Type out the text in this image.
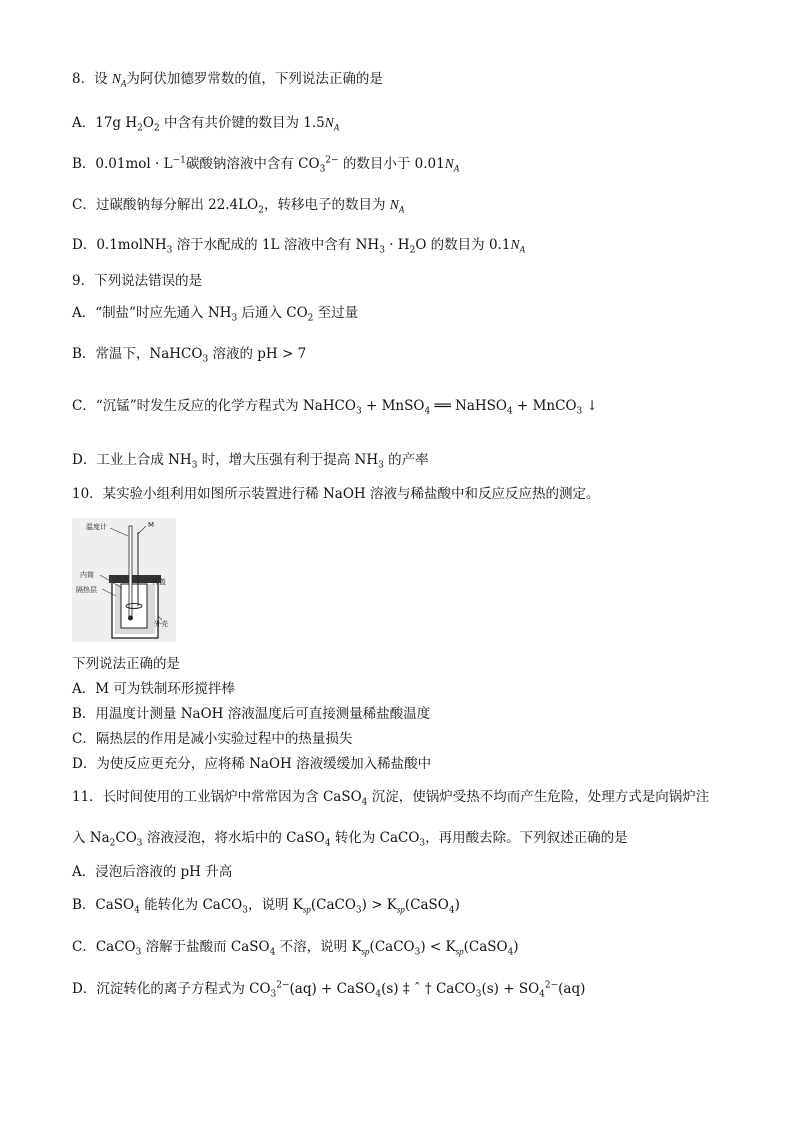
8．设 $N_A$为阿伏加德罗常数的值，下列说法正确的是
A．17g $H_2O_2$ 中含有共价键的数目为 $1.5N_A$
B．$0.01mol \cdot L^{-1}$碳酸钠溶液中含有 $CO_3^{2-}$ 的数目小于 $0.01N_A$
C．过碳酸钠每分解出 $22.4LO_2$，转移电子的数目为 $N_A$
D．0.1molNH$_3$ 溶于水配成的 1L 溶液中含有 $NH_3 \cdot H_2O$ 的数目为 $0.1N_A$
9．下列说法错误的是
A．“制盐”时应先通入 $NH_3$ 后通入 $CO_2$ 至过量
B．常温下，NaHCO$_3$ 溶液的 pH > 7
C．“沉锰”时发生反应的化学方程式为 NaHCO$_3$ + MnSO$_4$ ══ NaHSO$_4$ + MnCO$_3$ ↓
D．工业上合成 $NH_3$ 时，增大压强有利于提高 $NH_3$ 的产率
10．某实验小组利用如图所示装置进行稀 NaOH 溶液与稀盐酸中和反应反应热的测定。
温度计	M
内筒
隔热层
杯盖
外壳
下列说法正确的是
A．M 可为铁制环形搅拌棒
B．用温度计测量 NaOH 溶液温度后可直接测量稀盐酸温度
C．隔热层的作用是减小实验过程中的热量损失
D．为使反应更充分，应将稀 NaOH 溶液缓缓加入稀盐酸中
11．长时间使用的工业锅炉中常常因为含 CaSO$_4$ 沉淀，使锅炉受热不均而产生危险，处理方式是向锅炉注
入 $Na_2CO_3$ 溶液浸泡，将水垢中的 CaSO$_4$ 转化为 CaCO$_3$，再用酸去除。下列叙述正确的是
A．浸泡后溶液的 pH 升高
B．CaSO$_4$ 能转化为 CaCO$_3$，说明 $K_{sp}(CaCO_3)$ > $K_{sp}(CaSO_4)$
C．CaCO$_3$ 溶解于盐酸而 CaSO$_4$ 不溶，说明 $K_{sp}(CaCO_3)$ < $K_{sp}(CaSO_4)$
D．沉淀转化的离子方程式为 $CO_3^{2-}(aq)$ + CaSO$_4$(s) ‡ ˆ † CaCO$_3$(s) + $SO_4^{2-}(aq)$
